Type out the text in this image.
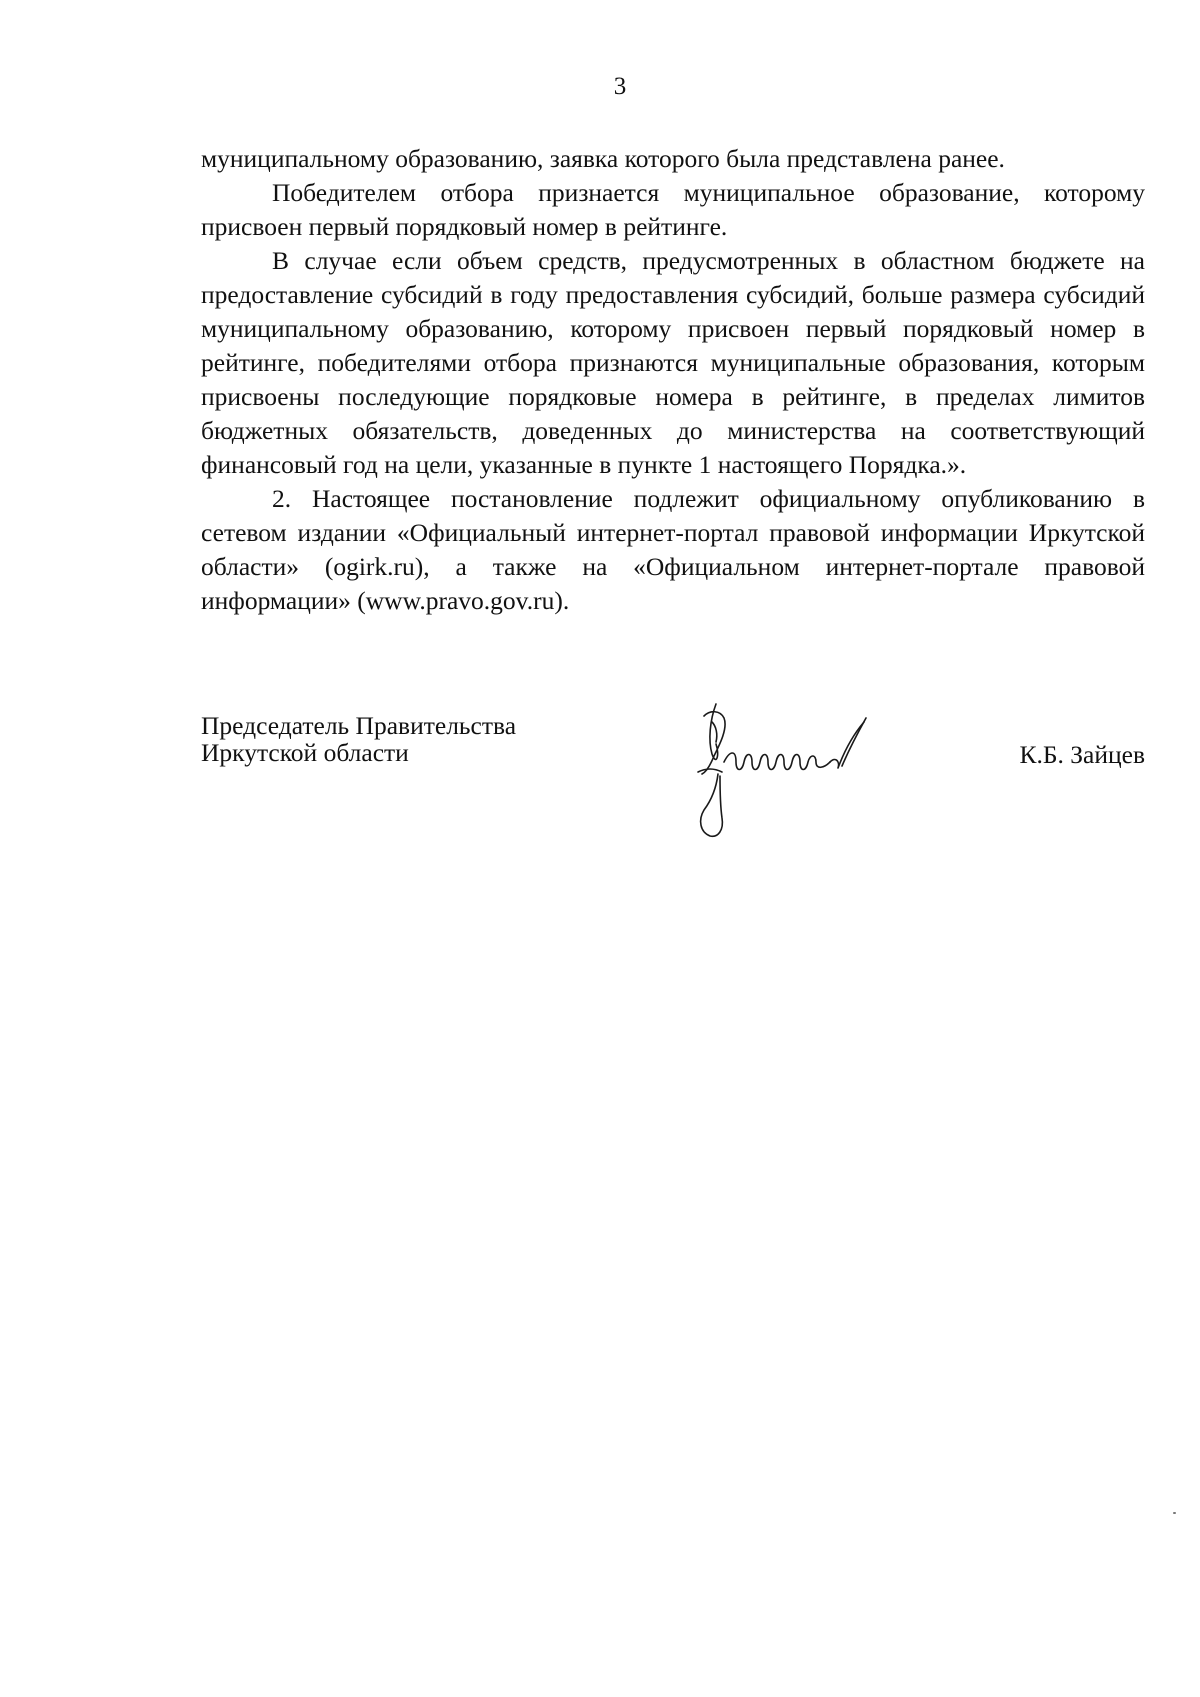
3

муниципальному образованию, заявка которого была представлена ранее.

Победителем отбора признается муниципальное образование, которому присвоен первый порядковый номер в рейтинге.

В случае если объем средств, предусмотренных в областном бюджете на предоставление субсидий в году предоставления субсидий, больше размера субсидий муниципальному образованию, которому присвоен первый порядковый номер в рейтинге, победителями отбора признаются муниципальные образования, которым присвоены последующие порядковые номера в рейтинге, в пределах лимитов бюджетных обязательств, доведенных до министерства на соответствующий финансовый год на цели, указанные в пункте 1 настоящего Порядка.».

2. Настоящее постановление подлежит официальному опубликованию в сетевом издании «Официальный интернет-портал правовой информации Иркутской области» (ogirk.ru), а также на «Официальном интернет-портале правовой информации» (www.pravo.gov.ru).

Председатель Правительства
Иркутской области	К.Б. Зайцев
